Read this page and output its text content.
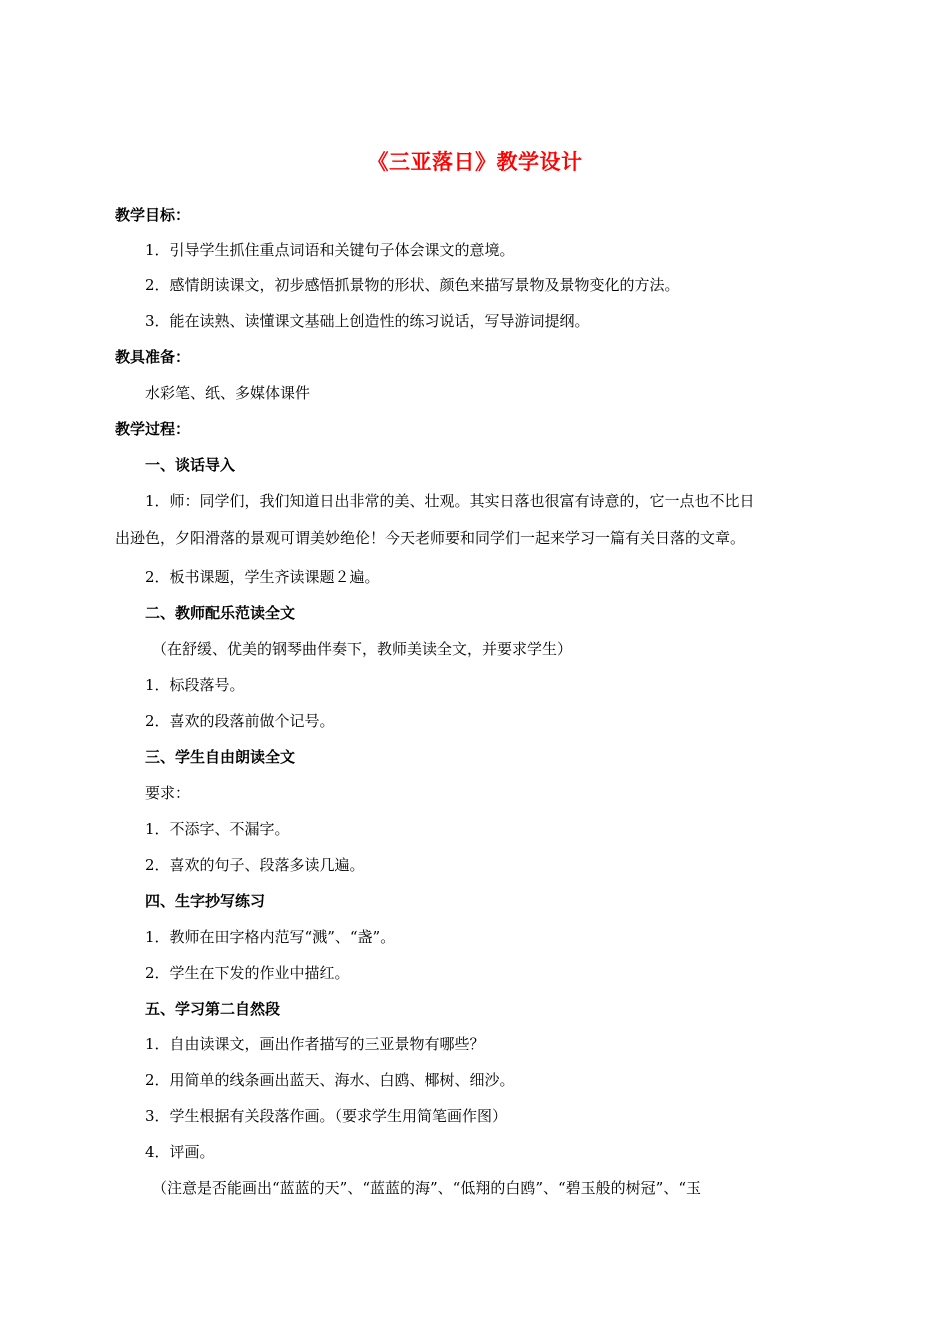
《三亚落日》教学设计
教学目标：
1．引导学生抓住重点词语和关键句子体会课文的意境。
2．感情朗读课文，初步感悟抓景物的形状、颜色来描写景物及景物变化的方法。
3．能在读熟、读懂课文基础上创造性的练习说话，写导游词提纲。
教具准备：
水彩笔、纸、多媒体课件
教学过程：
一、谈话导入
1．师：同学们，我们知道日出非常的美、壮观。其实日落也很富有诗意的，它一点也不比日
出逊色，夕阳滑落的景观可谓美妙绝伦！今天老师要和同学们一起来学习一篇有关日落的文章。
2．板书课题，学生齐读课题２遍。
二、教师配乐范读全文
（在舒缓、优美的钢琴曲伴奏下，教师美读全文，并要求学生）
1．标段落号。
2．喜欢的段落前做个记号。
三、学生自由朗读全文
要求：
1．不添字、不漏字。
2．喜欢的句子、段落多读几遍。
四、生字抄写练习
1．教师在田字格内范写“溅”、“盏”。
2．学生在下发的作业中描红。
五、学习第二自然段
1．自由读课文，画出作者描写的三亚景物有哪些？
2．用简单的线条画出蓝天、海水、白鸥、椰树、细沙。
3．学生根据有关段落作画。（要求学生用简笔画作图）
4．评画。
（注意是否能画出“蓝蓝的天”、“蓝蓝的海”、“低翔的白鸥”、“碧玉般的树冠”、“玉
